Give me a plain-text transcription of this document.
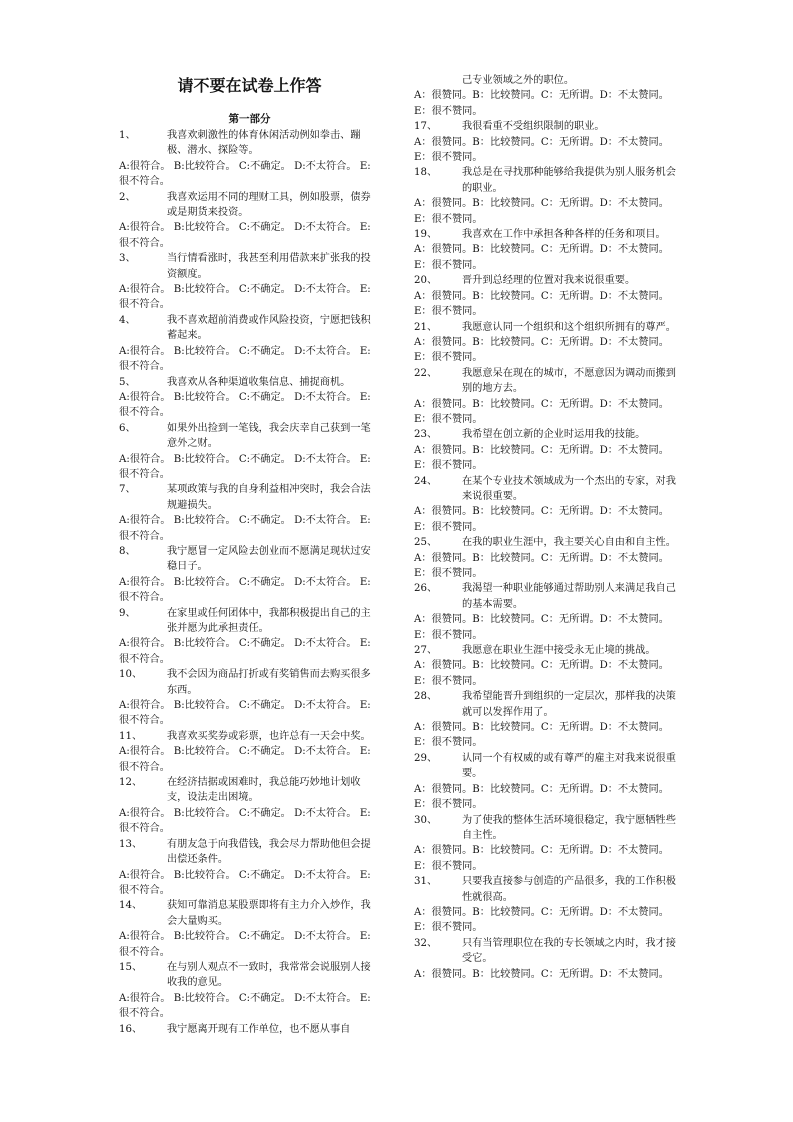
请不要在试卷上作答
第一部分
1、	我喜欢刺激性的体育休闲活动例如拳击、蹦极、潜水、探险等。
A:很符合。 B:比较符合。 C:不确定。 D:不太符合。 E:很不符合。
2、	我喜欢运用不同的理财工具，例如股票，债券或是期货来投资。
A:很符合。 B:比较符合。 C:不确定。 D:不太符合。 E:很不符合。
3、	当行情看涨时，我甚至利用借款来扩张我的投资额度。
A:很符合。 B:比较符合。 C:不确定。 D:不太符合。 E:很不符合。
4、	我不喜欢超前消费或作风险投资，宁愿把钱积蓄起来。
A:很符合。 B:比较符合。 C:不确定。 D:不太符合。 E:很不符合。
5、	我喜欢从各种渠道收集信息、捕捉商机。
A:很符合。 B:比较符合。 C:不确定。 D:不太符合。 E:很不符合。
6、	如果外出捡到一笔钱，我会庆幸自己获到一笔意外之财。
A:很符合。 B:比较符合。 C:不确定。 D:不太符合。 E:很不符合。
7、	某项政策与我的自身利益相冲突时，我会合法规避损失。
A:很符合。 B:比较符合。 C:不确定。 D:不太符合。 E:很不符合。
8、	我宁愿冒一定风险去创业而不愿满足现状过安稳日子。
A:很符合。 B:比较符合。 C:不确定。 D:不太符合。 E:很不符合。
9、	在家里或任何团体中，我都积极提出自己的主张并愿为此承担责任。
A:很符合。 B:比较符合。 C:不确定。 D:不太符合。 E:很不符合。
10、	我不会因为商品打折或有奖销售而去购买很多东西。
A:很符合。 B:比较符合。 C:不确定。 D:不太符合。 E:很不符合。
11、	我喜欢买奖券或彩票，也许总有一天会中奖。
A:很符合。 B:比较符合。 C:不确定。 D:不太符合。 E:很不符合。
12、	在经济拮据或困难时，我总能巧妙地计划收支，设法走出困境。
A:很符合。 B:比较符合。 C:不确定。 D:不太符合。 E:很不符合。
13、	有朋友急于向我借钱，我会尽力帮助他但会提出偿还条件。
A:很符合。 B:比较符合。 C:不确定。 D:不太符合。 E:很不符合。
14、	获知可靠消息某股票即将有主力介入炒作，我会大量购买。
A:很符合。 B:比较符合。 C:不确定。 D:不太符合。 E:很不符合。
15、	在与别人观点不一致时，我常常会说服别人接收我的意见。
A:很符合。 B:比较符合。 C:不确定。 D:不太符合。 E:很不符合。
16、	我宁愿离开现有工作单位，也不愿从事自
己专业领域之外的职位。
A：很赞同。B：比较赞同。C：无所谓。D：不太赞同。E：很不赞同。
17、	我很看重不受组织限制的职业。
A：很赞同。B：比较赞同。C：无所谓。D：不太赞同。E：很不赞同。
18、	我总是在寻找那种能够给我提供为别人服务机会的职业。
A：很赞同。B：比较赞同。C：无所谓。D：不太赞同。E：很不赞同。
19、	我喜欢在工作中承担各种各样的任务和项目。
A：很赞同。B：比较赞同。C：无所谓。D：不太赞同。E：很不赞同。
20、	晋升到总经理的位置对我来说很重要。
A：很赞同。B：比较赞同。C：无所谓。D：不太赞同。E：很不赞同。
21、	我愿意认同一个组织和这个组织所拥有的尊严。
A：很赞同。B：比较赞同。C：无所谓。D：不太赞同。E：很不赞同。
22、	我愿意呆在现在的城市，不愿意因为调动而搬到别的地方去。
A：很赞同。B：比较赞同。C：无所谓。D：不太赞同。E：很不赞同。
23、	我希望在创立新的企业时运用我的技能。
A：很赞同。B：比较赞同。C：无所谓。D：不太赞同。E：很不赞同。
24、	在某个专业技术领域成为一个杰出的专家，对我来说很重要。
A：很赞同。B：比较赞同。C：无所谓。D：不太赞同。E：很不赞同。
25、	在我的职业生涯中，我主要关心自由和自主性。
A：很赞同。B：比较赞同。C：无所谓。D：不太赞同。E：很不赞同。
26、	我渴望一种职业能够通过帮助别人来满足我自己的基本需要。
A：很赞同。B：比较赞同。C：无所谓。D：不太赞同。E：很不赞同。
27、	我愿意在职业生涯中接受永无止境的挑战。
A：很赞同。B：比较赞同。C：无所谓。D：不太赞同。E：很不赞同。
28、	我希望能晋升到组织的一定层次，那样我的决策就可以发挥作用了。
A：很赞同。B：比较赞同。C：无所谓。D：不太赞同。E：很不赞同。
29、	认同一个有权威的或有尊严的雇主对我来说很重要。
A：很赞同。B：比较赞同。C：无所谓。D：不太赞同。E：很不赞同。
30、	为了使我的整体生活环境很稳定，我宁愿牺牲些自主性。
A：很赞同。B：比较赞同。C：无所谓。D：不太赞同。E：很不赞同。
31、	只要我直接参与创造的产品很多，我的工作积极性就很高。
A：很赞同。B：比较赞同。C：无所谓。D：不太赞同。E：很不赞同。
32、	只有当管理职位在我的专长领域之内时，我才接受它。
A：很赞同。B：比较赞同。C：无所谓。D：不太赞同。
